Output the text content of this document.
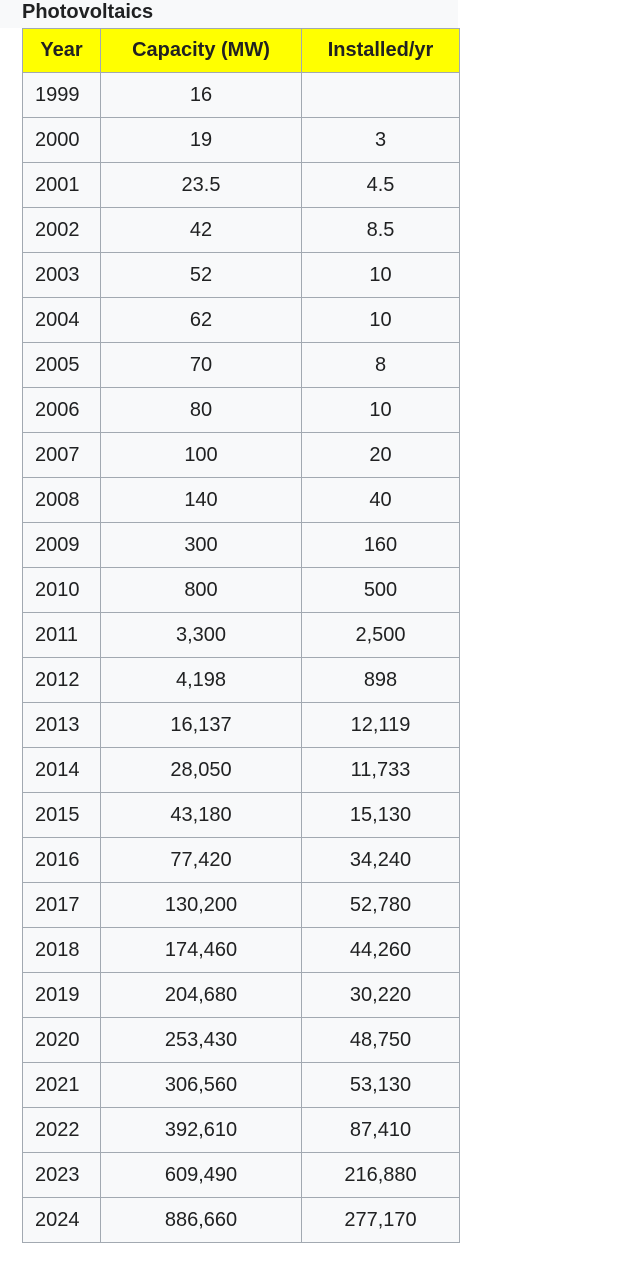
Photovoltaics
Year	Capacity (MW)	Installed/yr
1999	16	
2000	19	3
2001	23.5	4.5
2002	42	8.5
2003	52	10
2004	62	10
2005	70	8
2006	80	10
2007	100	20
2008	140	40
2009	300	160
2010	800	500
2011	3,300	2,500
2012	4,198	898
2013	16,137	12,119
2014	28,050	11,733
2015	43,180	15,130
2016	77,420	34,240
2017	130,200	52,780
2018	174,460	44,260
2019	204,680	30,220
2020	253,430	48,750
2021	306,560	53,130
2022	392,610	87,410
2023	609,490	216,880
2024	886,660	277,170
